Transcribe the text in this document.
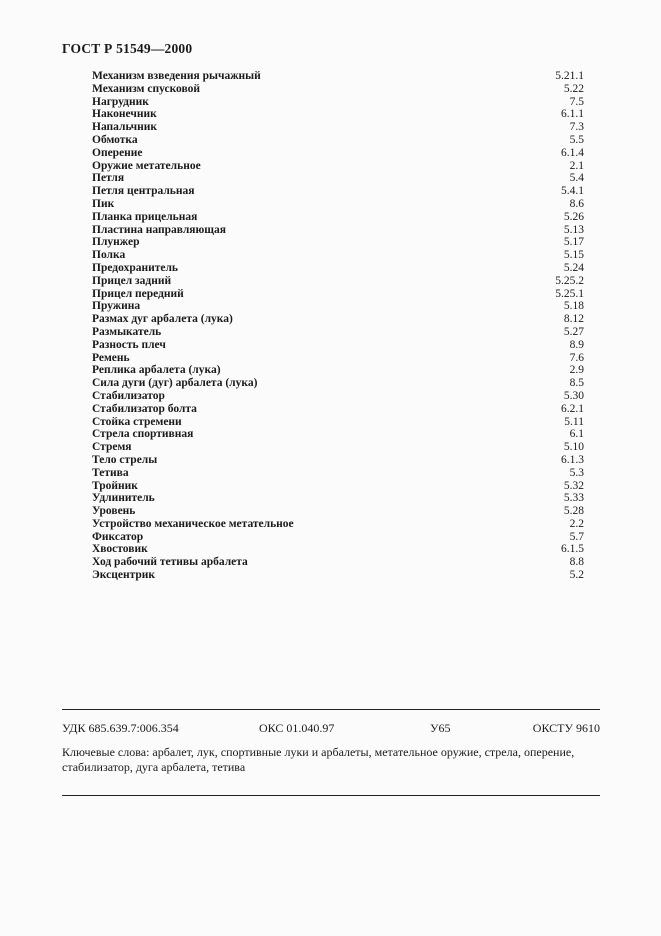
ГОСТ Р 51549—2000
Механизм взведения рычажный	5.21.1
Механизм спусковой	5.22
Нагрудник	7.5
Наконечник	6.1.1
Напальчник	7.3
Обмотка	5.5
Оперение	6.1.4
Оружие метательное	2.1
Петля	5.4
Петля центральная	5.4.1
Пик	8.6
Планка прицельная	5.26
Пластина направляющая	5.13
Плунжер	5.17
Полка	5.15
Предохранитель	5.24
Прицел задний	5.25.2
Прицел передний	5.25.1
Пружина	5.18
Размах дуг арбалета (лука)	8.12
Размыкатель	5.27
Разность плеч	8.9
Ремень	7.6
Реплика арбалета (лука)	2.9
Сила дуги (дуг) арбалета (лука)	8.5
Стабилизатор	5.30
Стабилизатор болта	6.2.1
Стойка стремени	5.11
Стрела спортивная	6.1
Стремя	5.10
Тело стрелы	6.1.3
Тетива	5.3
Тройник	5.32
Удлинитель	5.33
Уровень	5.28
Устройство механическое метательное	2.2
Фиксатор	5.7
Хвостовик	6.1.5
Ход рабочий тетивы арбалета	8.8
Эксцентрик	5.2
УДК 685.639.7:006.354	ОКС 01.040.97	У65	ОКСТУ 9610
Ключевые слова: арбалет, лук, спортивные луки и арбалеты, метательное оружие, стрела, оперение, стабилизатор, дуга арбалета, тетива
